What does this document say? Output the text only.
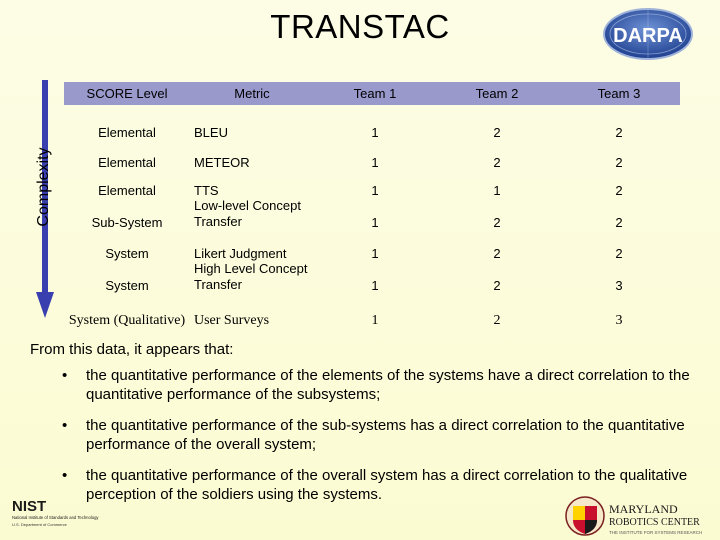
TRANSTAC	DARPA
Complexity
SCORE Level	Metric	Team 1	Team 2	Team 3
Elemental	BLEU	1	2	2
Elemental	METEOR	1	2	2
Elemental	TTS	1	1	2
Sub-System	Low-level Concept Transfer	1	2	2
System	Likert Judgment	1	2	2
System	High Level Concept Transfer	1	2	3
System (Qualitative)	User Surveys	1	2	3

From this data, it appears that:

• the quantitative performance of the elements of the systems have a direct correlation to the quantitative performance of the subsystems;
• the quantitative performance of the sub-systems has a direct correlation to the quantitative performance of the overall system;
• the quantitative performance of the overall system has a direct correlation to the qualitative perception of the soldiers using the systems.
NIST
National Institute of Standards and Technology
U.S. Department of Commerce
MARYLAND
ROBOTICS CENTER
THE INSTITUTE FOR SYSTEMS RESEARCH
